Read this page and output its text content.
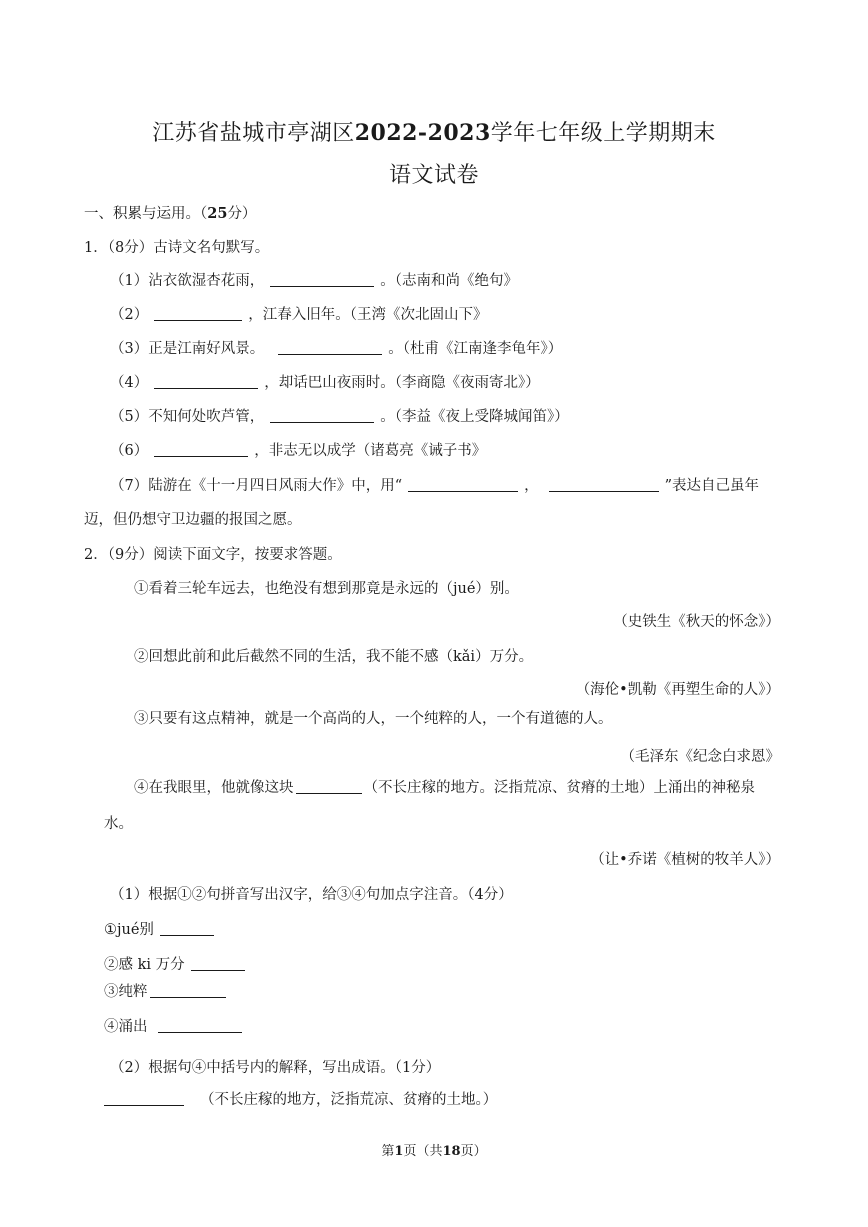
江苏省盐城市亭湖区2022-2023学年七年级上学期期末
语文试卷
一、积累与运用。（25分）
1．（8分）古诗文名句默写。
（1）沾衣欲湿杏花雨，	。（志南和尚《绝句》
（2）	，江春入旧年。（王湾《次北固山下》
（3）正是江南好风景。	。（杜甫《江南逢李龟年》）
（4）	，却话巴山夜雨时。（李商隐《夜雨寄北》）
（5）不知何处吹芦管，	。（李益《夜上受降城闻笛》）
（6）	，非志无以成学（诸葛亮《诫子书》
（7）陆游在《十一月四日风雨大作》中，用“	，	”表达自己虽年
迈，但仍想守卫边疆的报国之愿。
2．（9分）阅读下面文字，按要求答题。
①看着三轮车远去，也绝没有想到那竟是永远的（jué）别。
（史铁生《秋天的怀念》）
②回想此前和此后截然不同的生活，我不能不感（kǎi）万分。
（海伦•凯勒《再塑生命的人》）
③只要有这点精神，就是一个高尚的人，一个纯粹的人，一个有道德的人。
（毛泽东《纪念白求恩》
④在我眼里，他就像这块	（不长庄稼的地方。泛指荒凉、贫瘠的土地）上涌出的神秘泉
水。
（让•乔诺《植树的牧羊人》）
（1）根据①②句拼音写出汉字，给③④句加点字注音。（4分）
①jué别
②感 ki 万分
③纯粹
④涌出
（2）根据句④中括号内的解释，写出成语。（1分）
（不长庄稼的地方，泛指荒凉、贫瘠的土地。）
第1页（共18页）
